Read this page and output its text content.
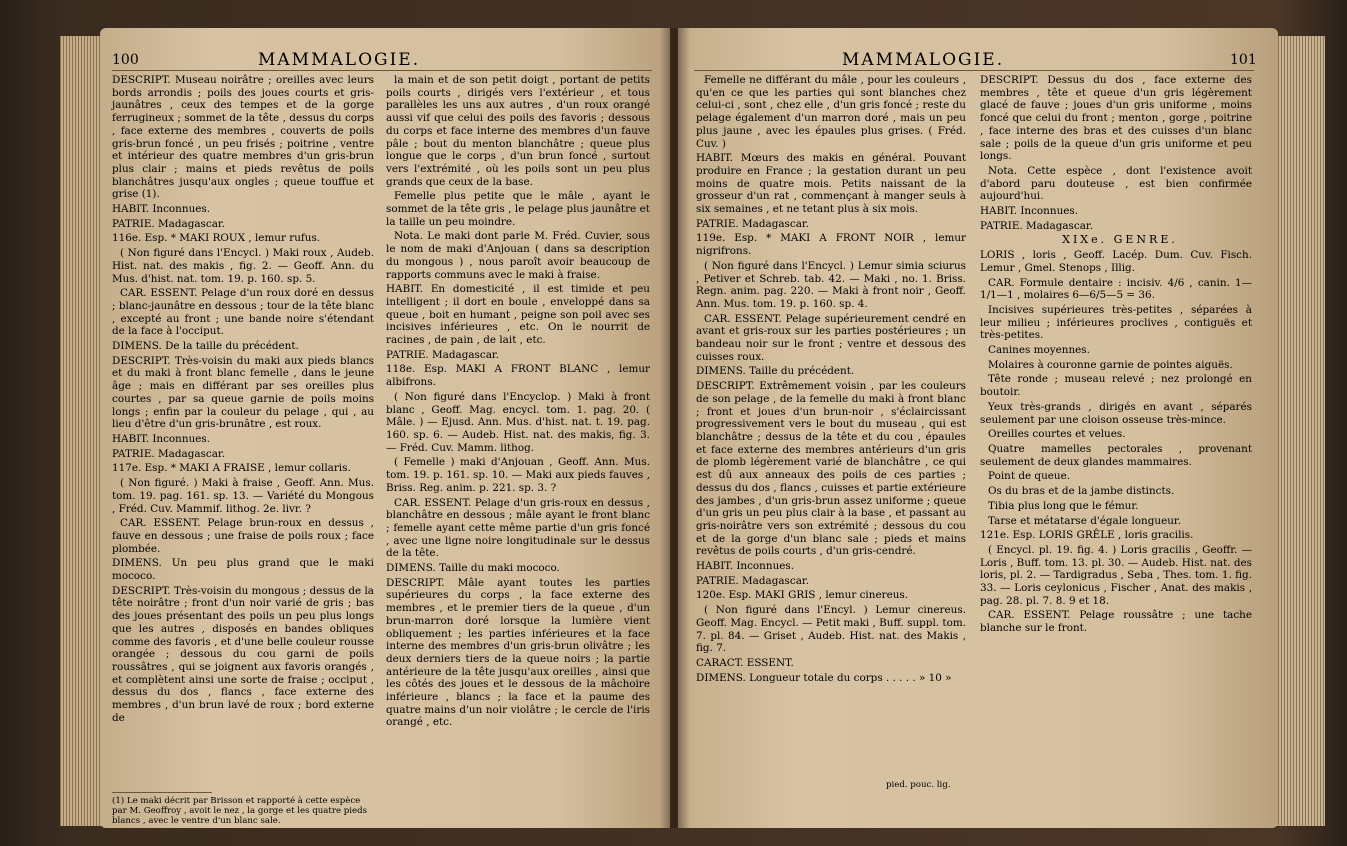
100	MAMMALOGIE.

DESCRIPT. Museau noirâtre ; oreilles avec leurs bords arrondis ; poils des joues courts et gris-jaunâtres , ceux des tempes et de la gorge ferrugineux ; sommet de la tête , dessus du corps , face externe des membres , couverts de poils gris-brun foncé , un peu frisés ; poitrine , ventre et intérieur des quatre membres d'un gris-brun plus clair ; mains et pieds revêtus de poils blanchâtres jusqu'aux ongles ; queue touffue et grise (1).

HABIT. Inconnues.

PATRIE. Madagascar.

116e. Esp. * MAKI ROUX , lemur rufus.

( Non figuré dans l'Encycl. ) Maki roux , Audeb. Hist. nat. des makis , fig. 2. — Geoff. Ann. du Mus. d'hist. nat. tom. 19. p. 160. sp. 5.

CAR. ESSENT. Pelage d'un roux doré en dessus ; blanc-jaunâtre en dessous ; tour de la tête blanc , excepté au front ; une bande noire s'étendant de la face à l'occiput.

DIMENS. De la taille du précédent.

DESCRIPT. Très-voisin du maki aux pieds blancs et du maki à front blanc femelle , dans le jeune âge ; mais en différant par ses oreilles plus courtes , par sa queue garnie de poils moins longs ; enfin par la couleur du pelage , qui , au lieu d'être d'un gris-brunâtre , est roux.

HABIT. Inconnues.

PATRIE. Madagascar.

117e. Esp. * MAKI A FRAISE , lemur collaris.

( Non figuré. ) Maki à fraise , Geoff. Ann. Mus. tom. 19. pag. 161. sp. 13. — Variété du Mongous , Fréd. Cuv. Mammif. lithog. 2e. livr. ?

CAR. ESSENT. Pelage brun-roux en dessus , fauve en dessous ; une fraise de poils roux ; face plombée.

DIMENS. Un peu plus grand que le maki mococo.

DESCRIPT. Très-voisin du mongous ; dessus de la tête noirâtre ; front d'un noir varié de gris ; bas des joues présentant des poils un peu plus longs que les autres , disposés en bandes obliques comme des favoris , et d'une belle couleur rousse orangée ; dessous du cou garni de poils roussâtres , qui se joignent aux favoris orangés , et complètent ainsi une sorte de fraise ; occiput , dessus du dos , flancs , face externe des membres , d'un brun lavé de roux ; bord externe de

la main et de son petit doigt , portant de petits poils courts , dirigés vers l'extérieur , et tous parallèles les uns aux autres , d'un roux orangé aussi vif que celui des poils des favoris ; dessous du corps et face interne des membres d'un fauve pâle ; bout du menton blanchâtre ; queue plus longue que le corps , d'un brun foncé , surtout vers l'extrémité , où les poils sont un peu plus grands que ceux de la base.

Femelle plus petite que le mâle , ayant le sommet de la tête gris , le pelage plus jaunâtre et la taille un peu moindre.

Nota. Le maki dont parle M. Fréd. Cuvier, sous le nom de maki d'Anjouan ( dans sa description du mongous ) , nous paroît avoir beaucoup de rapports communs avec le maki à fraise.

HABIT. En domesticité , il est timide et peu intelligent ; il dort en boule , enveloppé dans sa queue , boit en humant , peigne son poil avec ses incisives inférieures , etc. On le nourrit de racines , de pain , de lait , etc.

PATRIE. Madagascar.

118e. Esp. MAKI A FRONT BLANC , lemur albifrons.

( Non figuré dans l'Encyclop. ) Maki à front blanc , Geoff. Mag. encycl. tom. 1. pag. 20. ( Mâle. ) — Ejusd. Ann. Mus. d'hist. nat. t. 19. pag. 160. sp. 6. — Audeb. Hist. nat. des makis, fig. 3. — Fréd. Cuv. Mamm. lithog.

( Femelle ) maki d'Anjouan , Geoff. Ann. Mus. tom. 19. p. 161. sp. 10. — Maki aux pieds fauves , Briss. Reg. anim. p. 221. sp. 3. ?

CAR. ESSENT. Pelage d'un gris-roux en dessus , blanchâtre en dessous ; mâle ayant le front blanc ; femelle ayant cette même partie d'un gris foncé , avec une ligne noire longitudinale sur le dessus de la tête.

DIMENS. Taille du maki mococo.

DESCRIPT. Mâle ayant toutes les parties supérieures du corps , la face externe des membres , et le premier tiers de la queue , d'un brun-marron doré lorsque la lumière vient obliquement ; les parties inférieures et la face interne des membres d'un gris-brun olivâtre ; les deux derniers tiers de la queue noirs ; la partie antérieure de la tête jusqu'aux oreilles , ainsi que les côtés des joues et le dessous de la mâchoire inférieure , blancs ; la face et la paume des quatre mains d'un noir violâtre ; le cercle de l'iris orangé , etc.

(1) Le maki décrit par Brisson et rapporté à cette espèce par M. Geoffroy , avoit le nez , la gorge et les quatre pieds blancs , avec le ventre d'un blanc sale.
MAMMALOGIE.	101

Femelle ne différant du mâle , pour les couleurs , qu'en ce que les parties qui sont blanches chez celui-ci , sont , chez elle , d'un gris foncé ; reste du pelage également d'un marron doré , mais un peu plus jaune , avec les épaules plus grises. ( Fréd. Cuv. )

HABIT. Mœurs des makis en général. Pouvant produire en France ; la gestation durant un peu moins de quatre mois. Petits naissant de la grosseur d'un rat , commençant à manger seuls à six semaines , et ne tetant plus à six mois.

PATRIE. Madagascar.

119e. Esp. * MAKI A FRONT NOIR , lemur nigrifrons.

( Non figuré dans l'Encycl. ) Lemur simia sciurus , Petiver et Schreb. tab. 42. — Maki , no. 1. Briss. Regn. anim. pag. 220. — Maki à front noir , Geoff. Ann. Mus. tom. 19. p. 160. sp. 4.

CAR. ESSENT. Pelage supérieurement cendré en avant et gris-roux sur les parties postérieures ; un bandeau noir sur le front ; ventre et dessous des cuisses roux.

DIMENS. Taille du précédent.

DESCRIPT. Extrêmement voisin , par les couleurs de son pelage , de la femelle du maki à front blanc ; front et joues d'un brun-noir , s'éclaircissant progressivement vers le bout du museau , qui est blanchâtre ; dessus de la tête et du cou , épaules et face externe des membres antérieurs d'un gris de plomb légèrement varié de blanchâtre , ce qui est dû aux anneaux des poils de ces parties ; dessus du dos , flancs , cuisses et partie extérieure des jambes , d'un gris-brun assez uniforme ; queue d'un gris un peu plus clair à la base , et passant au gris-noirâtre vers son extrémité ; dessous du cou et de la gorge d'un blanc sale ; pieds et mains revêtus de poils courts , d'un gris-cendré.

HABIT. Inconnues.

PATRIE. Madagascar.

120e. Esp. MAKI GRIS , lemur cinereus.

( Non figuré dans l'Encyl. ) Lemur cinereus. Geoff. Mag. Encycl. — Petit maki , Buff. suppl. tom. 7. pl. 84. — Griset , Audeb. Hist. nat. des Makis , fig. 7.

CARACT. ESSENT.

DIMENS. Longueur totale du corps . . . . . » 10 »

DESCRIPT. Dessus du dos , face externe des membres , tête et queue d'un gris légèrement glacé de fauve ; joues d'un gris uniforme , moins foncé que celui du front ; menton , gorge , poitrine , face interne des bras et des cuisses d'un blanc sale ; poils de la queue d'un gris uniforme et peu longs.

Nota. Cette espèce , dont l'existence avoit d'abord paru douteuse , est bien confirmée aujourd'hui.

HABIT. Inconnues.

PATRIE. Madagascar.

XIXe. GENRE.

LORIS , loris , Geoff. Lacép. Dum. Cuv. Fisch. Lemur , Gmel. Stenops , Illig.

CAR. Formule dentaire : incisiv. 4/6 , canin. 1—1/1—1 , molaires 6—6/5—5 = 36.

Incisives supérieures très-petites , séparées à leur milieu ; inférieures proclives , contiguës et très-petites.

Canines moyennes.

Molaires à couronne garnie de pointes aiguës.

Tête ronde ; museau relevé ; nez prolongé en boutoir.

Yeux très-grands , dirigés en avant , séparés seulement par une cloison osseuse très-mince.

Oreilles courtes et velues.

Quatre mamelles pectorales , provenant seulement de deux glandes mammaires.

Point de queue.

Os du bras et de la jambe distincts.

Tibia plus long que le fémur.

Tarse et métatarse d'égale longueur.

121e. Esp. LORIS GRÊLE , loris gracilis.

( Encycl. pl. 19. fig. 4. ) Loris gracilis , Geoffr. — Loris , Buff. tom. 13. pl. 30. — Audeb. Hist. nat. des loris, pl. 2. — Tardigradus , Seba , Thes. tom. 1. fig. 33. — Loris ceylonicus , Fischer , Anat. des makis , pag. 28. pl. 7. 8. 9 et 18.

CAR. ESSENT. Pelage roussâtre ; une tache blanche sur le front.

pied. pouc. lig.
